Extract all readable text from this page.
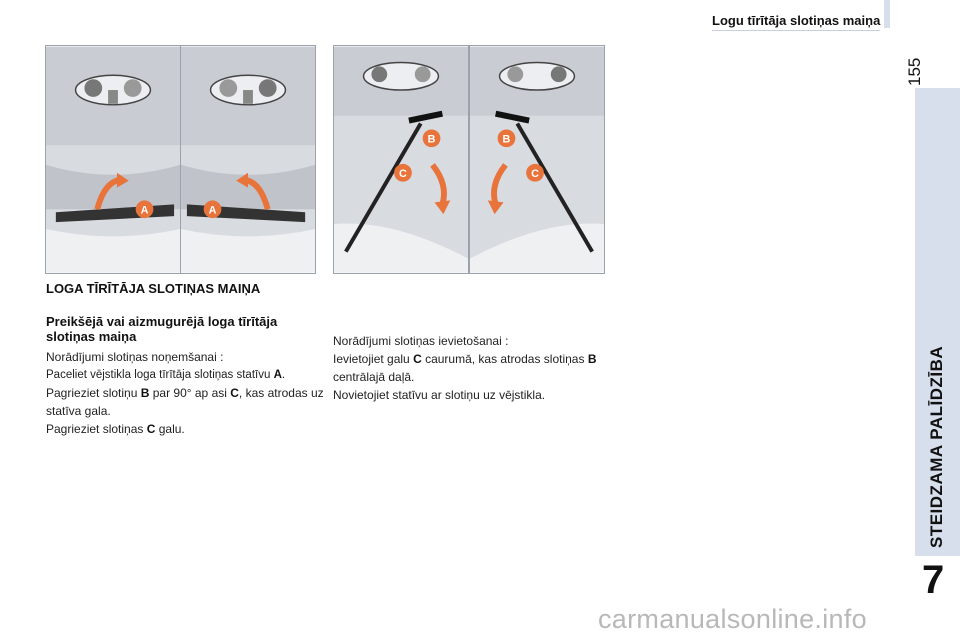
Logu tīrītāja slotiņas maiņa
155
STEIDZAMA PALĪDZĪBA
7
A	A
B
C
B
C
LOGA TĪRĪTĀJA SLOTIŅAS MAIŅA
Preikšējā vai aizmugurējā loga tīrītāja slotiņas maiņa
Norādījumi slotiņas noņemšanai :
Paceliet vējstikla loga tīrītāja slotiņas statīvu A.
Pagrieziet slotiņu B par 90° ap asi C, kas atrodas uz statīva gala.
Pagrieziet slotiņas C galu.
Norādījumi slotiņas ievietošanai :
Ievietojiet galu C caurumā, kas atrodas slotiņas B centrālajā daļā.
Novietojiet statīvu ar slotiņu uz vējstikla.
carmanualsonline.info
